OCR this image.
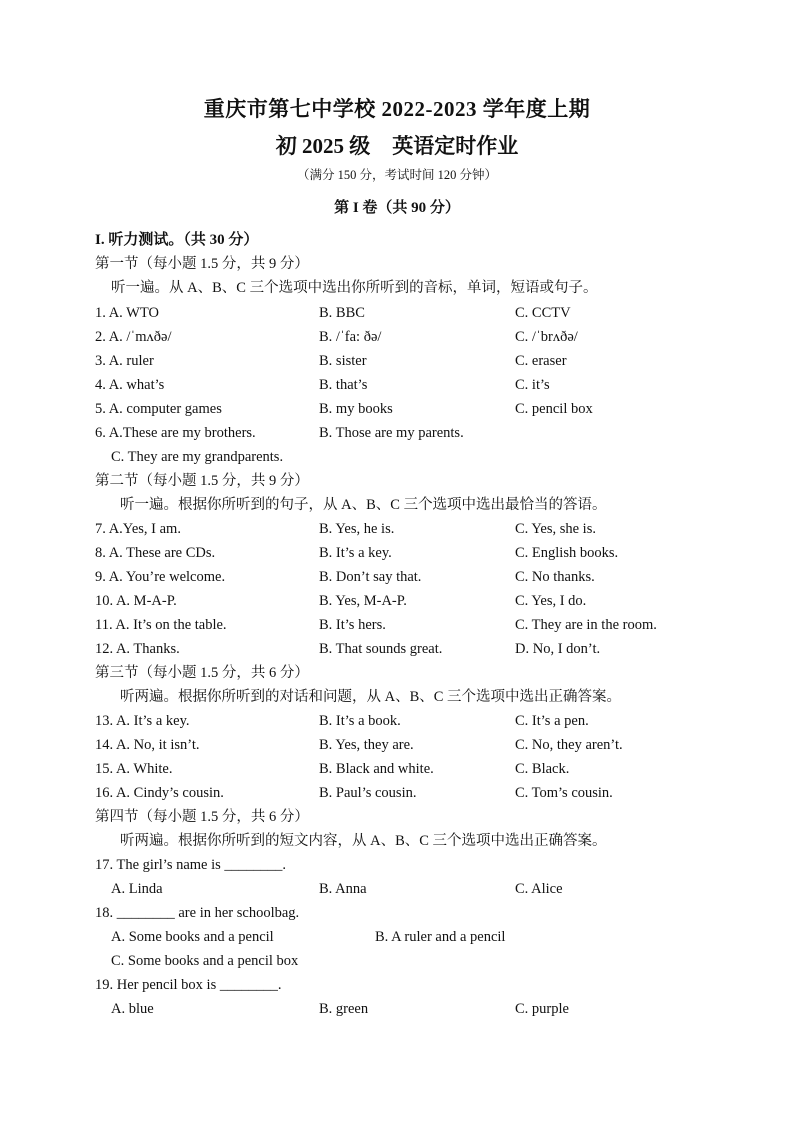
重庆市第七中学校 2022-2023 学年度上期
初 2025 级 英语定时作业
（满分 150 分，考试时间 120 分钟）
第 I 卷（共 90 分）
I. 听力测试。（共 30 分）
第一节（每小题 1.5 分，共 9 分）
听一遍。从 A、B、C 三个选项中选出你所听到的音标，单词，短语或句子。
1. A. WTO	B. BBC	C. CCTV
2. A. /ˈmʌðə/	B. /ˈfa: ðə/	C. /ˈbrʌðə/
3. A. ruler	B. sister	C. eraser
4. A. what’s	B. that’s	C. it’s
5. A. computer games	B. my books	C. pencil box
6. A.These are my brothers.	B. Those are my parents.
C. They are my grandparents.
第二节（每小题 1.5 分，共 9 分）
听一遍。根据你所听到的句子，从 A、B、C 三个选项中选出最恰当的答语。
7. A.Yes, I am.	B. Yes, he is.	C. Yes, she is.
8. A. These are CDs.	B. It’s a key.	C. English books.
9. A. You’re welcome.	B. Don’t say that.	C. No thanks.
10. A. M-A-P.	B. Yes, M-A-P.	C. Yes, I do.
11. A. It’s on the table.	B. It’s hers.	C. They are in the room.
12. A. Thanks.	B. That sounds great.	D. No, I don’t.
第三节（每小题 1.5 分，共 6 分）
听两遍。根据你所听到的对话和问题，从 A、B、C 三个选项中选出正确答案。
13. A. It’s a key.	B. It’s a book.	C. It’s a pen.
14. A. No, it isn’t.	B. Yes, they are.	C. No, they aren’t.
15. A. White.	B. Black and white.	C. Black.
16. A. Cindy’s cousin.	B. Paul’s cousin.	C. Tom’s cousin.
第四节（每小题 1.5 分，共 6 分）
听两遍。根据你所听到的短文内容，从 A、B、C 三个选项中选出正确答案。
17. The girl’s name is ________.
A. Linda	B. Anna	C. Alice
18. ________ are in her schoolbag.
A. Some books and a pencil	B. A ruler and a pencil
C. Some books and a pencil box
19. Her pencil box is ________.
A. blue	B. green	C. purple
